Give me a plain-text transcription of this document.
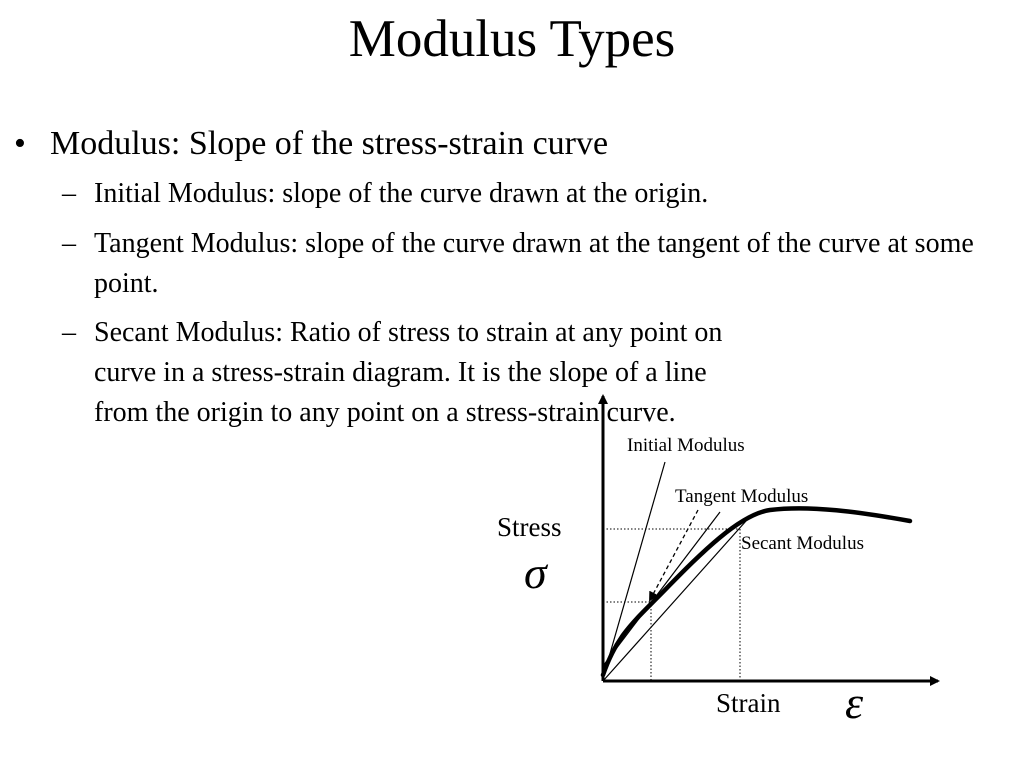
Modulus Types
• Modulus: Slope of the stress-strain curve
– Initial Modulus: slope of the curve drawn at the origin.
– Tangent Modulus: slope of the curve drawn at the tangent of the curve at some point.
– Secant Modulus: Ratio of stress to strain at any point on curve in a stress-strain diagram. It is the slope of a line from the origin to any point on a stress-strain curve.
Initial Modulus
Tangent Modulus
Secant Modulus
Stress
σ
Strain ε
